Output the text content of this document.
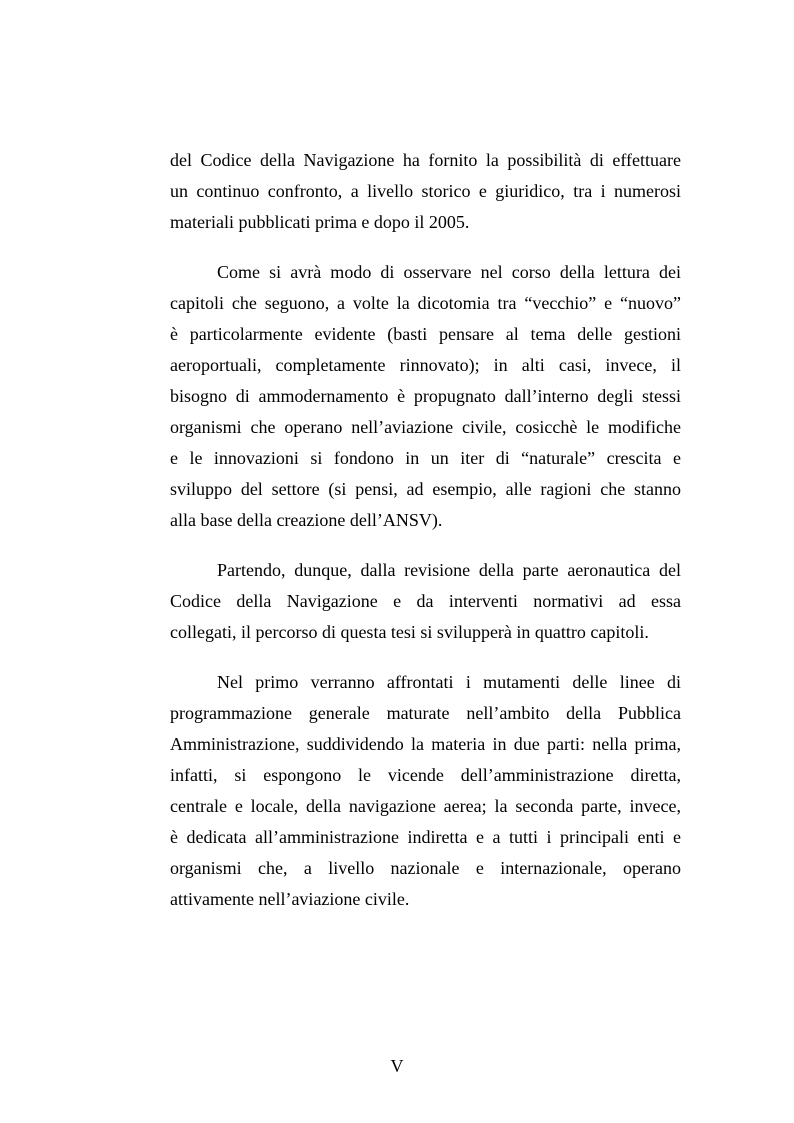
del Codice della Navigazione ha fornito la possibilità di effettuare
un continuo confronto, a livello storico e giuridico, tra i numerosi
materiali pubblicati prima e dopo il 2005.
Come si avrà modo di osservare nel corso della lettura dei
capitoli che seguono, a volte la dicotomia tra “vecchio” e “nuovo”
è particolarmente evidente (basti pensare al tema delle gestioni
aeroportuali, completamente rinnovato); in alti casi, invece, il
bisogno di ammodernamento è propugnato dall’interno degli stessi
organismi che operano nell’aviazione civile, cosicchè le modifiche
e le innovazioni si fondono in un iter di “naturale” crescita e
sviluppo del settore (si pensi, ad esempio, alle ragioni che stanno
alla base della creazione dell’ANSV).
Partendo, dunque, dalla revisione della parte aeronautica del
Codice della Navigazione e da interventi normativi ad essa
collegati, il percorso di questa tesi si svilupperà in quattro capitoli.
Nel primo verranno affrontati i mutamenti delle linee di
programmazione generale maturate nell’ambito della Pubblica
Amministrazione, suddividendo la materia in due parti: nella prima,
infatti, si espongono le vicende dell’amministrazione diretta,
centrale e locale, della navigazione aerea; la seconda parte, invece,
è dedicata all’amministrazione indiretta e a tutti i principali enti e
organismi che, a livello nazionale e internazionale, operano
attivamente nell’aviazione civile.
V
